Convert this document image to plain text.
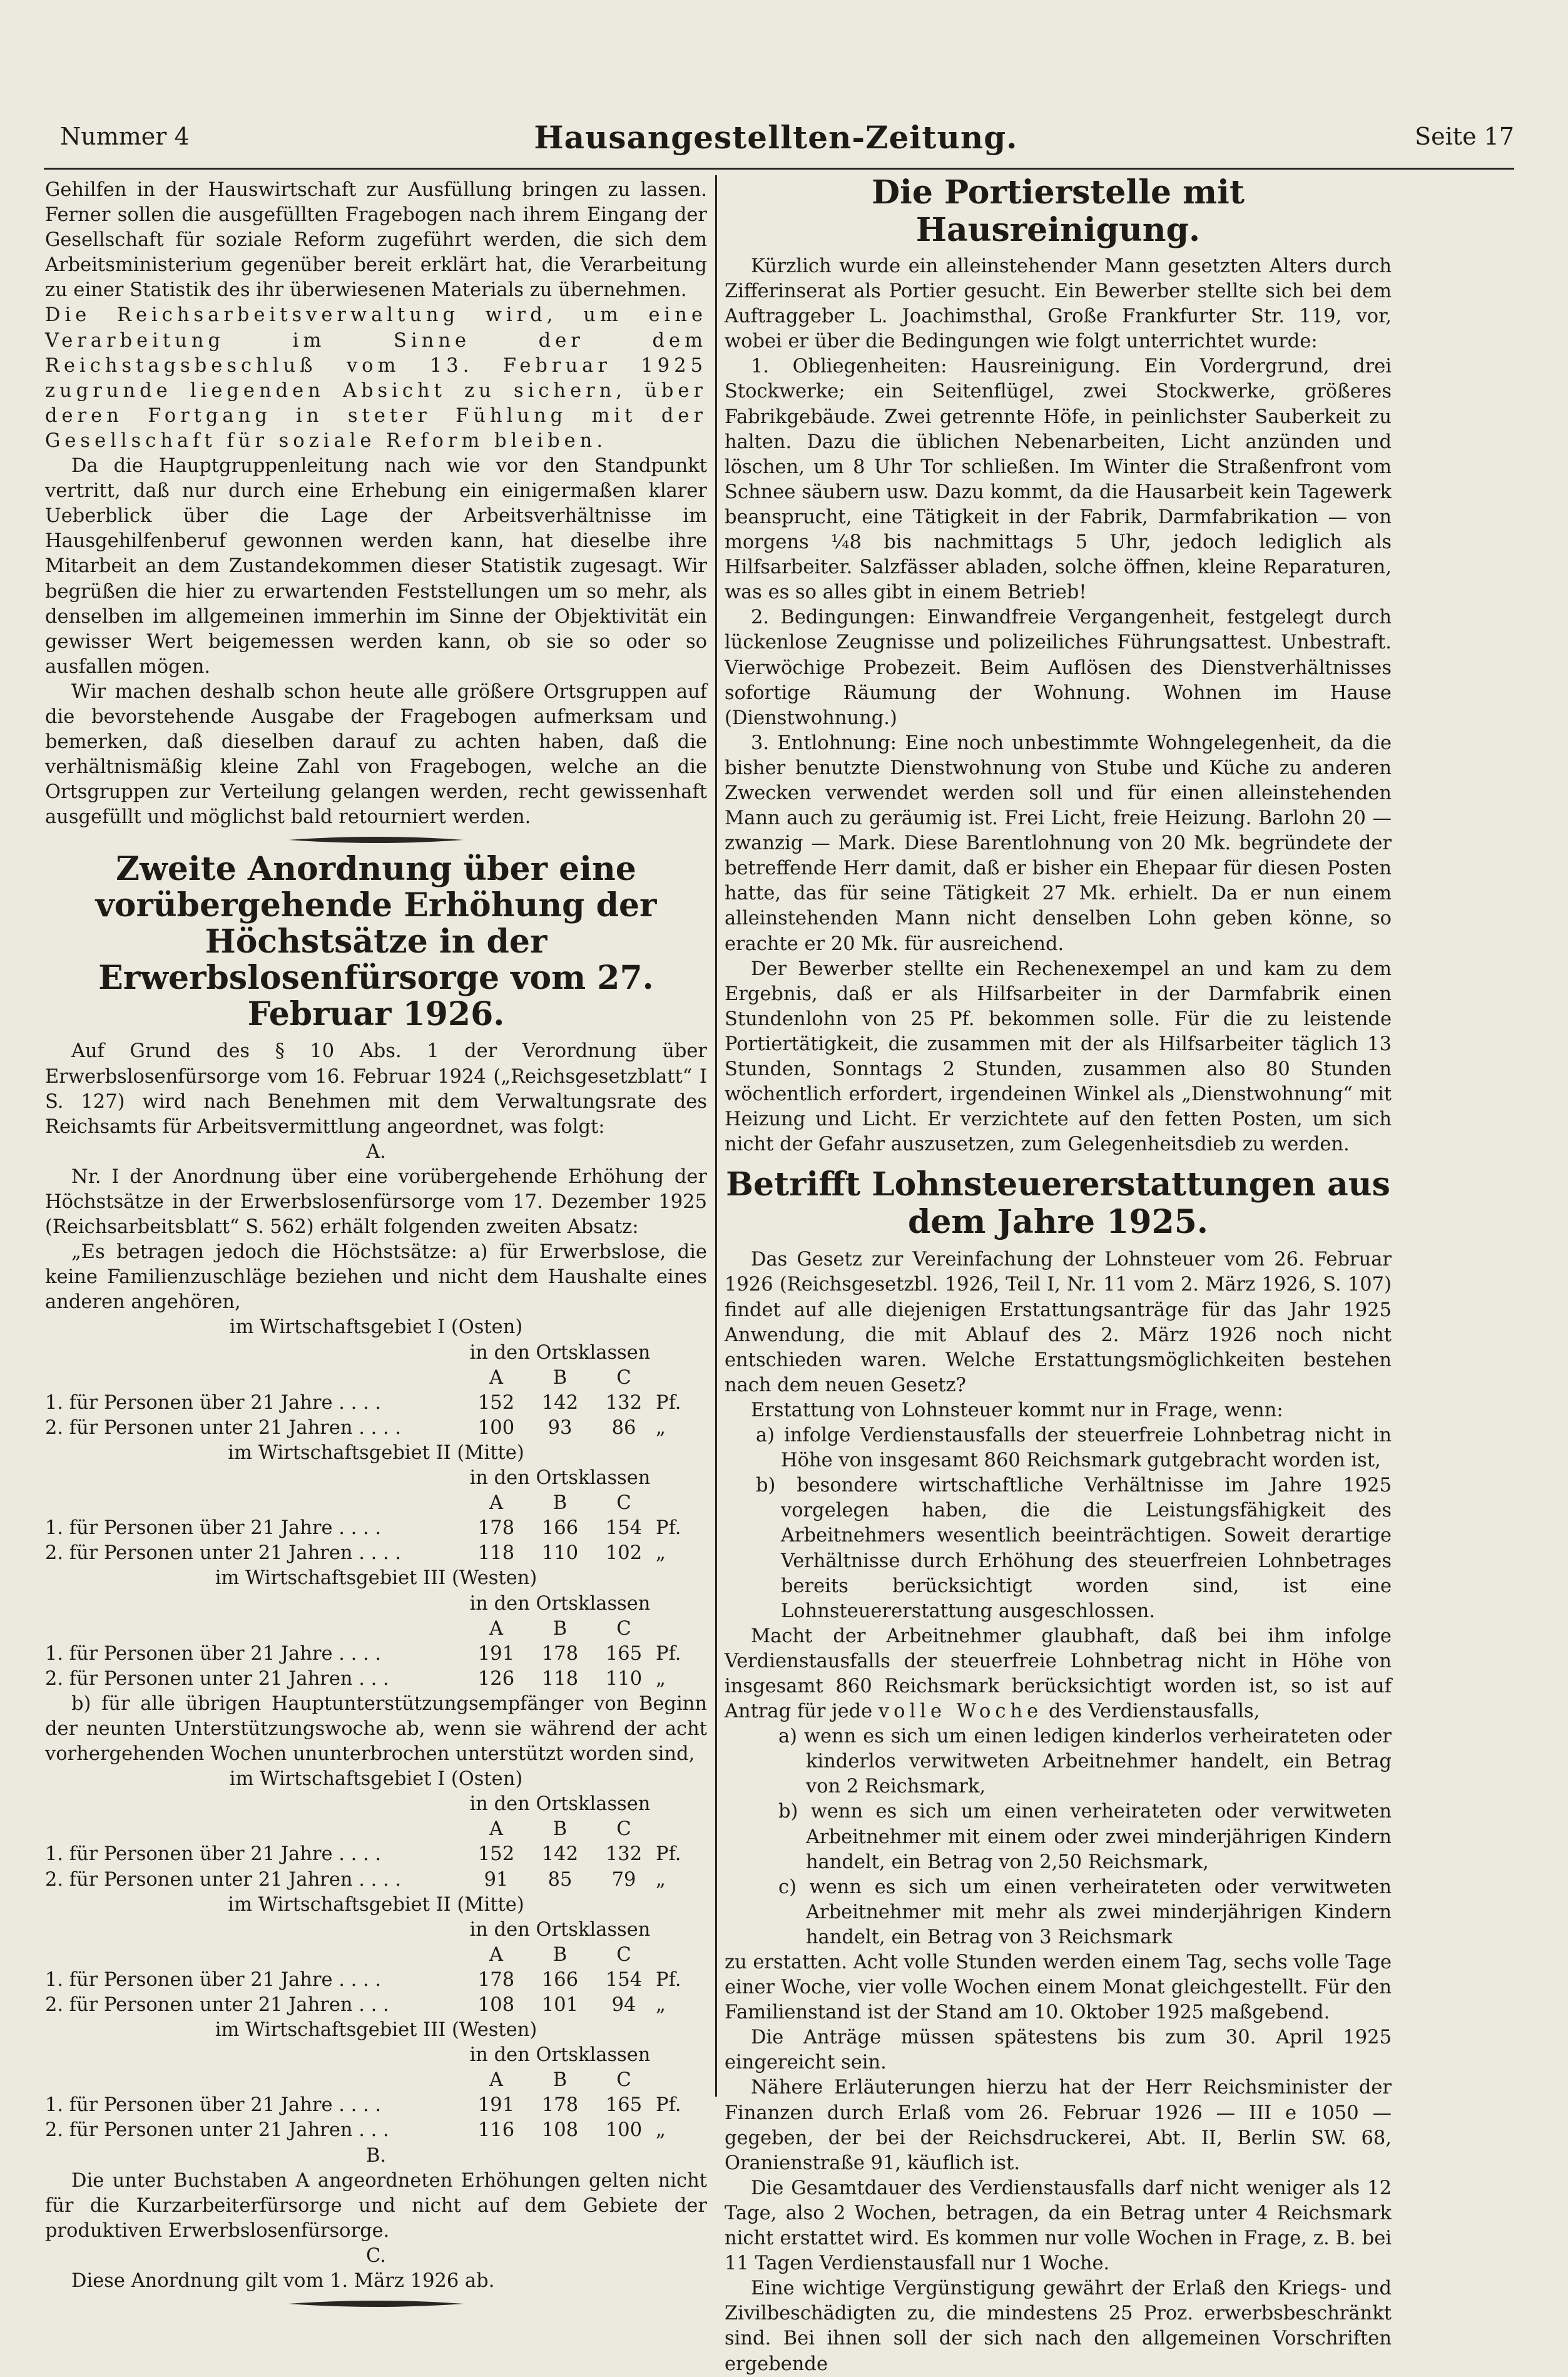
Nummer 4	Hausangestellten-Zeitung.	Seite 17

Gehilfen in der Hauswirtschaft zur Ausfüllung bringen zu lassen. Ferner sollen die ausgefüllten Fragebogen nach ihrem Eingang der Gesellschaft für soziale Reform zugeführt werden, die sich dem Arbeitsministerium gegenüber bereit erklärt hat, die Verarbeitung zu einer Statistik des ihr überwiesenen Materials zu übernehmen.

Die Reichsarbeitsverwaltung wird, um eine Verarbeitung im Sinne der dem Reichstagsbeschluß vom 13. Februar 1925 zugrunde liegenden Absicht zu sichern, über deren Fortgang in steter Fühlung mit der Gesellschaft für soziale Reform bleiben.

Da die Hauptgruppenleitung nach wie vor den Standpunkt vertritt, daß nur durch eine Erhebung ein einigermaßen klarer Ueberblick über die Lage der Arbeitsverhältnisse im Hausgehilfenberuf gewonnen werden kann, hat dieselbe ihre Mitarbeit an dem Zustandekommen dieser Statistik zugesagt. Wir begrüßen die hier zu erwartenden Feststellungen um so mehr, als denselben im allgemeinen immerhin im Sinne der Objektivität ein gewisser Wert beigemessen werden kann, ob sie so oder so ausfallen mögen.

Wir machen deshalb schon heute alle größere Ortsgruppen auf die bevorstehende Ausgabe der Fragebogen aufmerksam und bemerken, daß dieselben darauf zu achten haben, daß die verhältnismäßig kleine Zahl von Fragebogen, welche an die Ortsgruppen zur Verteilung gelangen werden, recht gewissenhaft ausgefüllt und möglichst bald retourniert werden.

Zweite Anordnung über eine vorübergehende Erhöhung der Höchstsätze in der Erwerbslosenfürsorge vom 27. Februar 1926.

Auf Grund des § 10 Abs. 1 der Verordnung über Erwerbslosenfürsorge vom 16. Februar 1924 („Reichsgesetzblatt“ I S. 127) wird nach Benehmen mit dem Verwaltungsrate des Reichsamts für Arbeitsvermittlung angeordnet, was folgt:

A.

Nr. I der Anordnung über eine vorübergehende Erhöhung der Höchstsätze in der Erwerbslosenfürsorge vom 17. Dezember 1925 (Reichsarbeitsblatt“ S. 562) erhält folgenden zweiten Absatz:

„Es betragen jedoch die Höchstsätze: a) für Erwerbslose, die keine Familienzuschläge beziehen und nicht dem Haushalte eines anderen angehören,

im Wirtschaftsgebiet I (Osten)
	in den Ortsklassen			
	A	B	C	
1. für Personen über 21 Jahre . . . .	152	142	132	Pf.
2. für Personen unter 21 Jahren . . . .	100	93	86	„
im Wirtschaftsgebiet II (Mitte)
	in den Ortsklassen			
	A	B	C	
1. für Personen über 21 Jahre . . . .	178	166	154	Pf.
2. für Personen unter 21 Jahren . . . .	118	110	102	„
im Wirtschaftsgebiet III (Westen)
	in den Ortsklassen			
	A	B	C	
1. für Personen über 21 Jahre . . . .	191	178	165	Pf.
2. für Personen unter 21 Jahren . . .	126	118	110	„

b) für alle übrigen Hauptunterstützungsempfänger von Beginn der neunten Unterstützungswoche ab, wenn sie während der acht vorhergehenden Wochen ununterbrochen unterstützt worden sind,

im Wirtschaftsgebiet I (Osten)
	in den Ortsklassen			
	A	B	C	
1. für Personen über 21 Jahre . . . .	152	142	132	Pf.
2. für Personen unter 21 Jahren . . . .	91	85	79	„
im Wirtschaftsgebiet II (Mitte)
	in den Ortsklassen			
	A	B	C	
1. für Personen über 21 Jahre . . . .	178	166	154	Pf.
2. für Personen unter 21 Jahren . . .	108	101	94	„
im Wirtschaftsgebiet III (Westen)
	in den Ortsklassen			
	A	B	C	
1. für Personen über 21 Jahre . . . .	191	178	165	Pf.
2. für Personen unter 21 Jahren . . .	116	108	100	„
B.

Die unter Buchstaben A angeordneten Erhöhungen gelten nicht für die Kurzarbeiterfürsorge und nicht auf dem Gebiete der produktiven Erwerbslosenfürsorge.

C.

Diese Anordnung gilt vom 1. März 1926 ab.

Die Portierstelle mit Hausreinigung.

Kürzlich wurde ein alleinstehender Mann gesetzten Alters durch Zifferinserat als Portier gesucht. Ein Bewerber stellte sich bei dem Auftraggeber L. Joachimsthal, Große Frankfurter Str. 119, vor, wobei er über die Bedingungen wie folgt unterrichtet wurde:

1. Obliegenheiten: Hausreinigung. Ein Vordergrund, drei Stockwerke; ein Seitenflügel, zwei Stockwerke, größeres Fabrikgebäude. Zwei getrennte Höfe, in peinlichster Sauberkeit zu halten. Dazu die üblichen Nebenarbeiten, Licht anzünden und löschen, um 8 Uhr Tor schließen. Im Winter die Straßenfront vom Schnee säubern usw. Dazu kommt, da die Hausarbeit kein Tagewerk beansprucht, eine Tätigkeit in der Fabrik, Darmfabrikation — von morgens ¼8 bis nachmittags 5 Uhr, jedoch lediglich als Hilfsarbeiter. Salzfässer abladen, solche öffnen, kleine Reparaturen, was es so alles gibt in einem Betrieb!

2. Bedingungen: Einwandfreie Vergangenheit, festgelegt durch lückenlose Zeugnisse und polizeiliches Führungsattest. Unbestraft. Vierwöchige Probezeit. Beim Auflösen des Dienstverhältnisses sofortige Räumung der Wohnung. Wohnen im Hause (Dienstwohnung.)

3. Entlohnung: Eine noch unbestimmte Wohngelegenheit, da die bisher benutzte Dienstwohnung von Stube und Küche zu anderen Zwecken verwendet werden soll und für einen alleinstehenden Mann auch zu geräumig ist. Frei Licht, freie Heizung. Barlohn 20 — zwanzig — Mark. Diese Barentlohnung von 20 Mk. begründete der betreffende Herr damit, daß er bisher ein Ehepaar für diesen Posten hatte, das für seine Tätigkeit 27 Mk. erhielt. Da er nun einem alleinstehenden Mann nicht denselben Lohn geben könne, so erachte er 20 Mk. für ausreichend.

Der Bewerber stellte ein Rechenexempel an und kam zu dem Ergebnis, daß er als Hilfsarbeiter in der Darmfabrik einen Stundenlohn von 25 Pf. bekommen solle. Für die zu leistende Portiertätigkeit, die zusammen mit der als Hilfsarbeiter täglich 13 Stunden, Sonntags 2 Stunden, zusammen also 80 Stunden wöchentlich erfordert, irgendeinen Winkel als „Dienstwohnung“ mit Heizung und Licht. Er verzichtete auf den fetten Posten, um sich nicht der Gefahr auszusetzen, zum Gelegenheitsdieb zu werden.

Betrifft Lohnsteuererstattungen aus dem Jahre 1925.

Das Gesetz zur Vereinfachung der Lohnsteuer vom 26. Februar 1926 (Reichsgesetzbl. 1926, Teil I, Nr. 11 vom 2. März 1926, S. 107) findet auf alle diejenigen Erstattungsanträge für das Jahr 1925 Anwendung, die mit Ablauf des 2. März 1926 noch nicht entschieden waren. Welche Erstattungsmöglichkeiten bestehen nach dem neuen Gesetz?

Erstattung von Lohnsteuer kommt nur in Frage, wenn:

a) infolge Verdienstausfalls der steuerfreie Lohnbetrag nicht in Höhe von insgesamt 860 Reichsmark gutgebracht worden ist,
b) besondere wirtschaftliche Verhältnisse im Jahre 1925 vorgelegen haben, die die Leistungsfähigkeit des Arbeitnehmers wesentlich beeinträchtigen. Soweit derartige Verhältnisse durch Erhöhung des steuerfreien Lohnbetrages bereits berücksichtigt worden sind, ist eine Lohnsteuererstattung ausgeschlossen.

Macht der Arbeitnehmer glaubhaft, daß bei ihm infolge Verdienstausfalls der steuerfreie Lohnbetrag nicht in Höhe von insgesamt 860 Reichsmark berücksichtigt worden ist, so ist auf Antrag für jede volle Woche des Verdienstausfalls,

a) wenn es sich um einen ledigen kinderlos verheirateten oder kinderlos verwitweten Arbeitnehmer handelt, ein Betrag von 2 Reichsmark,
b) wenn es sich um einen verheirateten oder verwitweten Arbeitnehmer mit einem oder zwei minderjährigen Kindern handelt, ein Betrag von 2,50 Reichsmark,
c) wenn es sich um einen verheirateten oder verwitweten Arbeitnehmer mit mehr als zwei minderjährigen Kindern handelt, ein Betrag von 3 Reichsmark

zu erstatten. Acht volle Stunden werden einem Tag, sechs volle Tage einer Woche, vier volle Wochen einem Monat gleichgestellt. Für den Familienstand ist der Stand am 10. Oktober 1925 maßgebend.

Die Anträge müssen spätestens bis zum 30. April 1925 eingereicht sein.

Nähere Erläuterungen hierzu hat der Herr Reichsminister der Finanzen durch Erlaß vom 26. Februar 1926 — III e 1050 — gegeben, der bei der Reichsdruckerei, Abt. II, Berlin SW. 68, Oranienstraße 91, käuflich ist.

Die Gesamtdauer des Verdienstausfalls darf nicht weniger als 12 Tage, also 2 Wochen, betragen, da ein Betrag unter 4 Reichsmark nicht erstattet wird. Es kommen nur volle Wochen in Frage, z. B. bei 11 Tagen Verdienstausfall nur 1 Woche.

Eine wichtige Vergünstigung gewährt der Erlaß den Kriegs- und Zivilbeschädigten zu, die mindestens 25 Proz. erwerbsbeschränkt sind. Bei ihnen soll der sich nach den allgemeinen Vorschriften ergebende
